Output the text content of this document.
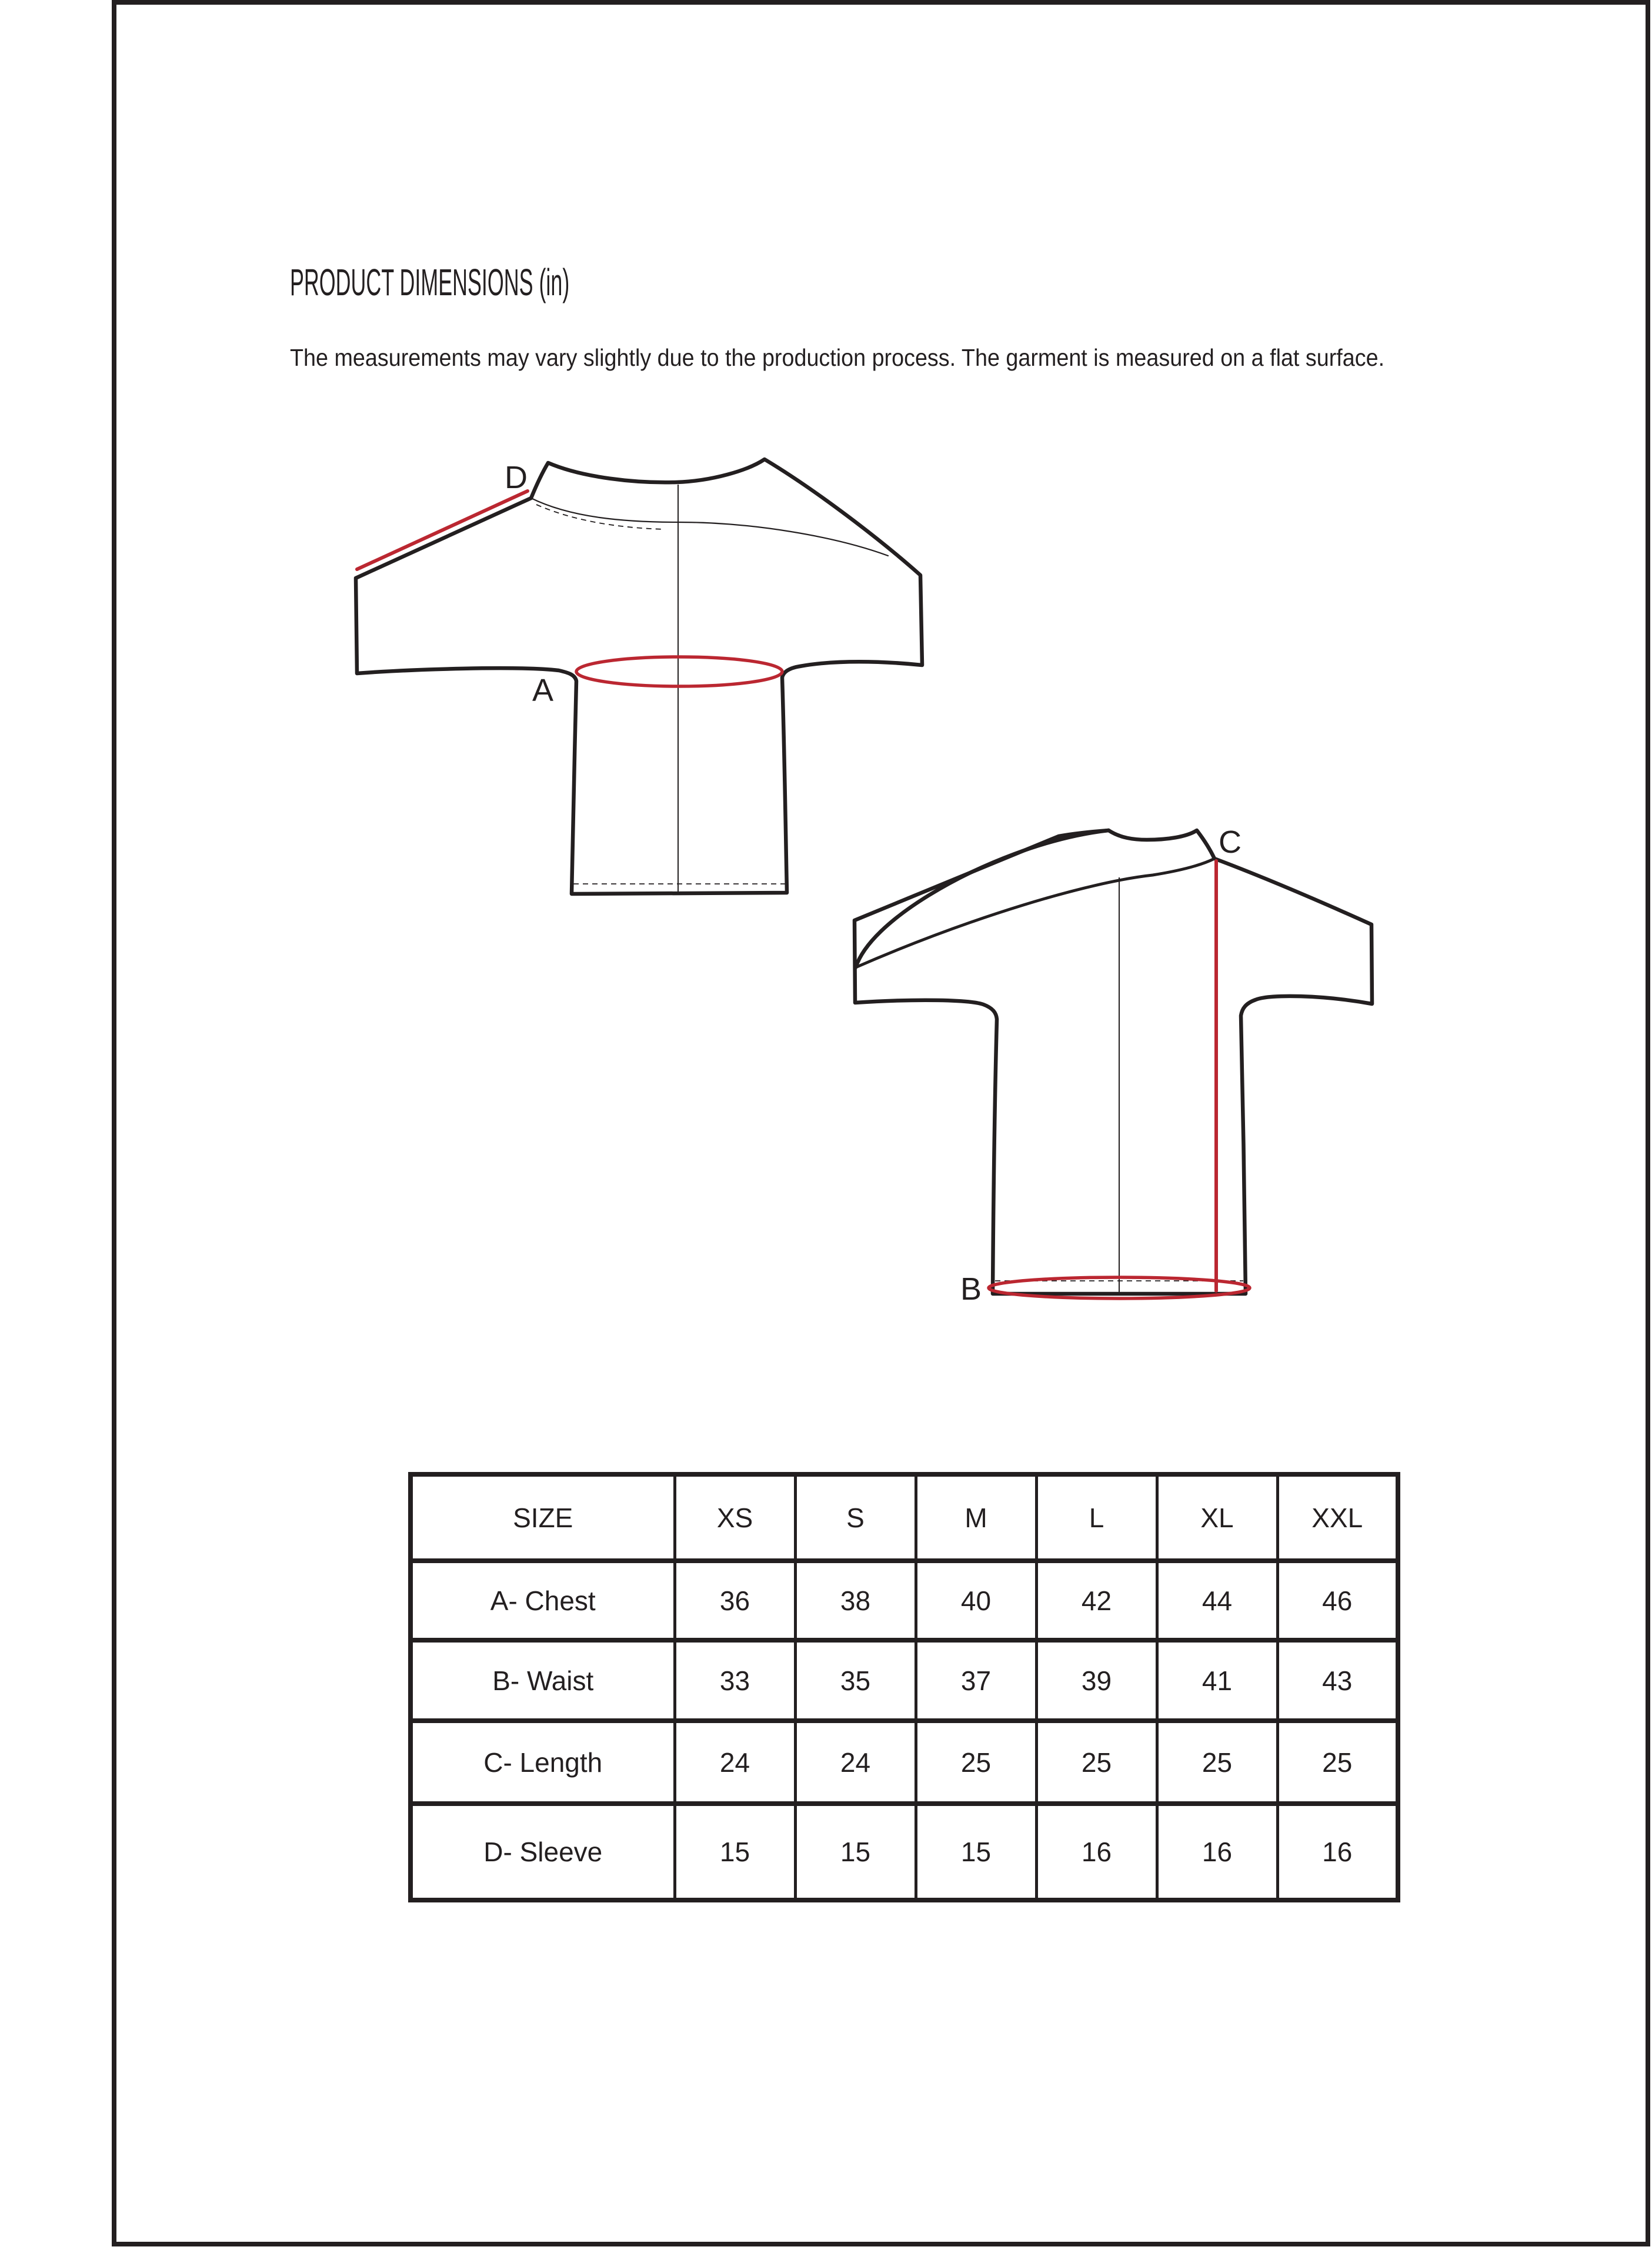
PRODUCT DIMENSIONS (in)
The measurements may vary slightly due to the production process. The garment is measured on a flat surface.
D
A
C
B
SIZE	XS	S	M	L	XL	XXL
A- Chest	36	38	40	42	44	46
B- Waist	33	35	37	39	41	43
C- Length	24	24	25	25	25	25
D- Sleeve	15	15	15	16	16	16
